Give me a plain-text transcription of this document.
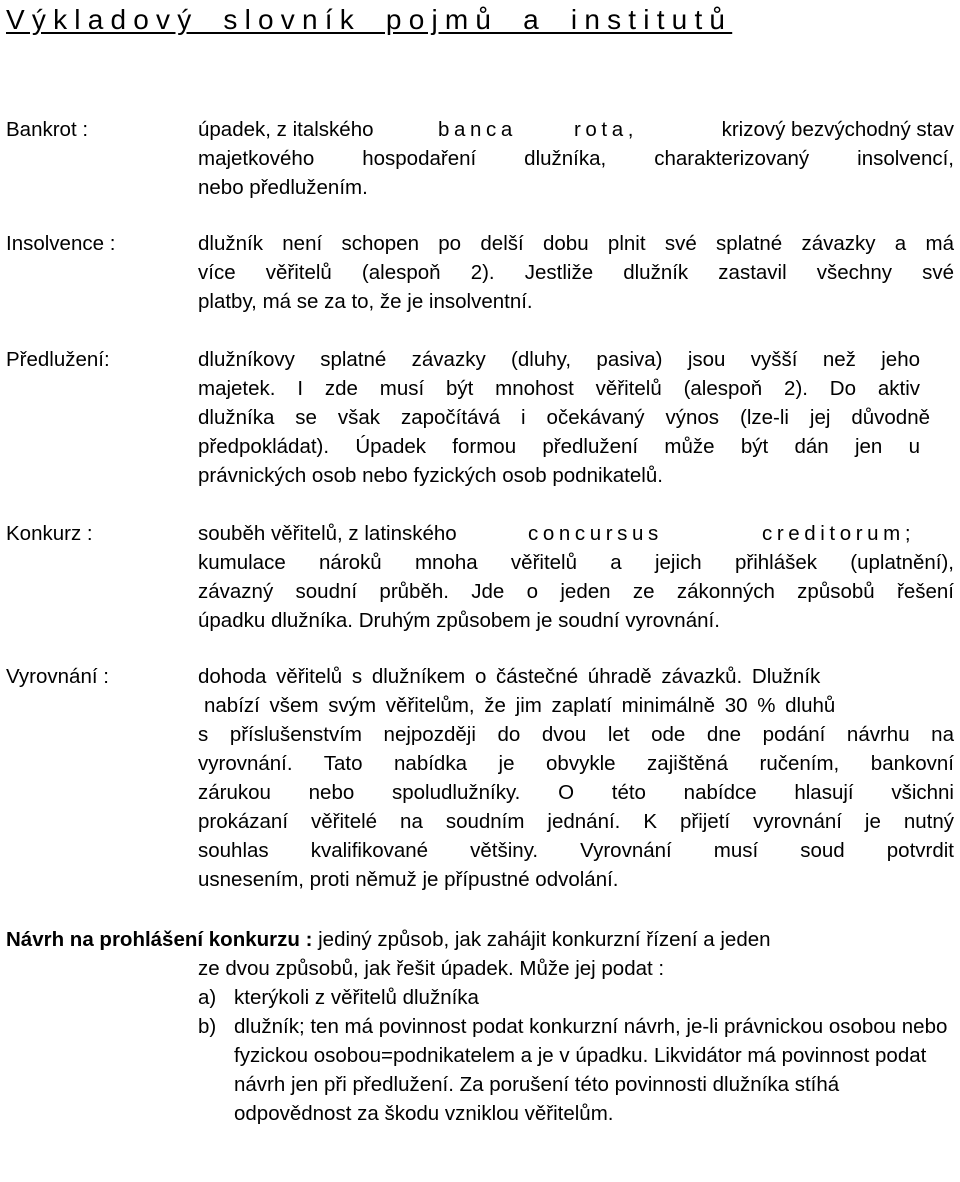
Výkladový slovník pojmů a institutů
Bankrot :	úpadek, z italského	banca	rota,	krizový bezvýchodný stav
majetkového hospodaření dlužníka, charakterizovaný insolvencí,
nebo předlužením.
Insolvence :	dlužník není schopen po delší dobu plnit své splatné závazky a má
více věřitelů (alespoň 2). Jestliže dlužník zastavil všechny své
platby, má se za to, že je insolventní.
Předlužení:	dlužníkovy splatné závazky (dluhy, pasiva) jsou vyšší než jeho
majetek. I zde musí být mnohost věřitelů (alespoň 2). Do aktiv
dlužníka se však započítává i očekávaný výnos (lze-li jej důvodně
předpokládat). Úpadek formou předlužení může být dán jen u
právnických osob nebo fyzických osob podnikatelů.
Konkurz :	souběh věřitelů, z latinského	concursus	creditorum;
kumulace nároků mnoha věřitelů a jejich přihlášek (uplatnění),
závazný soudní průběh. Jde o jeden ze zákonných způsobů řešení
úpadku dlužníka. Druhým způsobem je soudní vyrovnání.
Vyrovnání :	dohoda věřitelů s dlužníkem o částečné úhradě závazků. Dlužník
nabízí všem svým věřitelům, že jim zaplatí minimálně 30 % dluhů
s příslušenstvím nejpozději do dvou let ode dne podání návrhu na
vyrovnání. Tato nabídka je obvykle zajištěná ručením, bankovní
zárukou nebo spoludlužníky. O této nabídce hlasují všichni
prokázaní věřitelé na soudním jednání. K přijetí vyrovnání je nutný
souhlas kvalifikované většiny. Vyrovnání musí soud potvrdit
usnesením, proti němuž je přípustné odvolání.
Návrh na prohlášení konkurzu : jediný způsob, jak zahájit konkurzní řízení a jeden
ze dvou způsobů, jak řešit úpadek. Může jej podat :
a) kterýkoli z věřitelů dlužníka
b) dlužník; ten má povinnost podat konkurzní návrh, je-li právnickou osobou nebo fyzickou osobou=podnikatelem a je v úpadku. Likvidátor má povinnost podat návrh jen při předlužení. Za porušení této povinnosti dlužníka stíhá odpovědnost za škodu vzniklou věřitelům.
